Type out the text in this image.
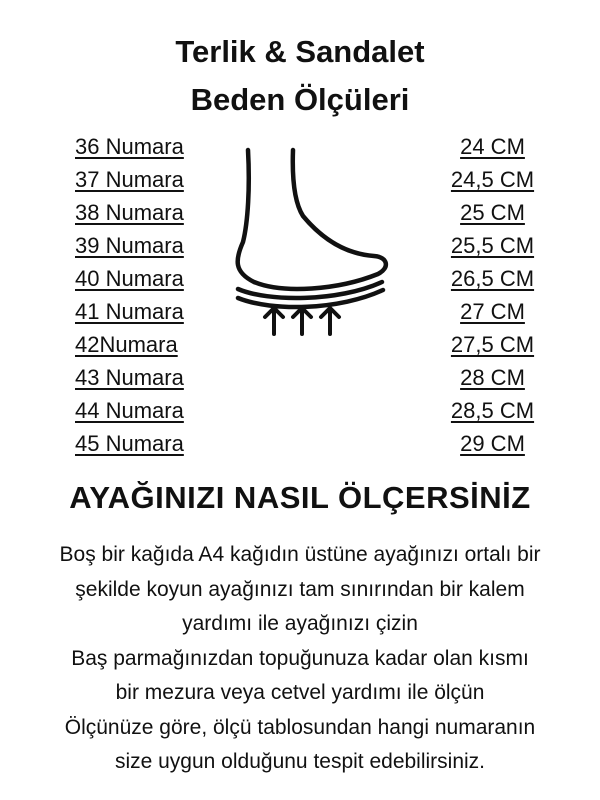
Terlik & Sandalet
Beden Ölçüleri
36 Numara	24 CM
37 Numara	24,5 CM
38 Numara	25 CM
39 Numara	25,5 CM
40 Numara	26,5 CM
41 Numara	27 CM
42Numara	27,5 CM
43 Numara	28 CM
44 Numara	28,5 CM
45 Numara	29 CM
AYAĞINIZI NASIL ÖLÇERSİNİZ
Boş bir kağıda A4 kağıdın üstüne ayağınızı ortalı bir
şekilde koyun ayağınızı tam sınırından bir kalem
yardımı ile ayağınızı çizin
Baş parmağınızdan topuğunuza kadar olan kısmı
bir mezura veya cetvel yardımı ile ölçün
Ölçünüze göre, ölçü tablosundan hangi numaranın
size uygun olduğunu tespit edebilirsiniz.
